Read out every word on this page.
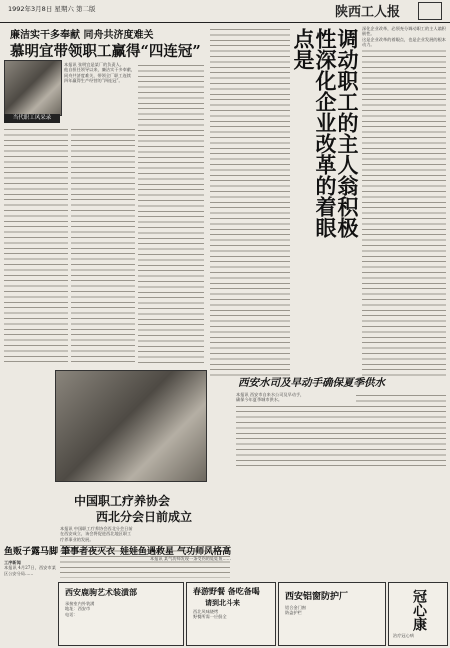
1992年3月8日 星期六 第二版	陕西工人报
廉洁实干多奉献 同舟共济度难关
慕明宜带领职工赢得“四连冠”
当代职工风采录
本报讯 张明宜是某厂的负责人。
他自担任领导以来，廉洁实干多奉献，
同舟共济度难关，带领全厂职工连续
四年赢得生产经营的“四连冠”。	调动职工的主人翁积极性深化企业改革的着眼点是	深化企业改革，必须充分调动职工的主人翁积极性。
这是企业改革的着眼点，也是企业发展的根本动力。
西安水司及早动手确保夏季供水
本报讯 西安市自来水公司及早动手，
确保今年夏季城市供水。
中国职工疗养协会
西北分会日前成立
本报讯 中国职工疗养协会西北分会日前
在西安成立，该会将促进西北地区职工
疗养事业的发展。
鱼贩子露马脚 筆事者夜灭衣 娃娃鱼遇救星 气功师风格高
工序新闻
本报讯 4月27日，西安市某区公安分局……
本报讯 某气功师发现一条受伤的娃娃鱼……
西安鹿驹艺术装潢部
承接室内外装潢
地址：西安市
电话：
春游野餐 备吃备喝
请到北斗来
西北风味烧烤
野餐所需一应俱全
西安铝窗防护厂
铝合金门窗
防盗护栏	冠心康
治疗冠心病
